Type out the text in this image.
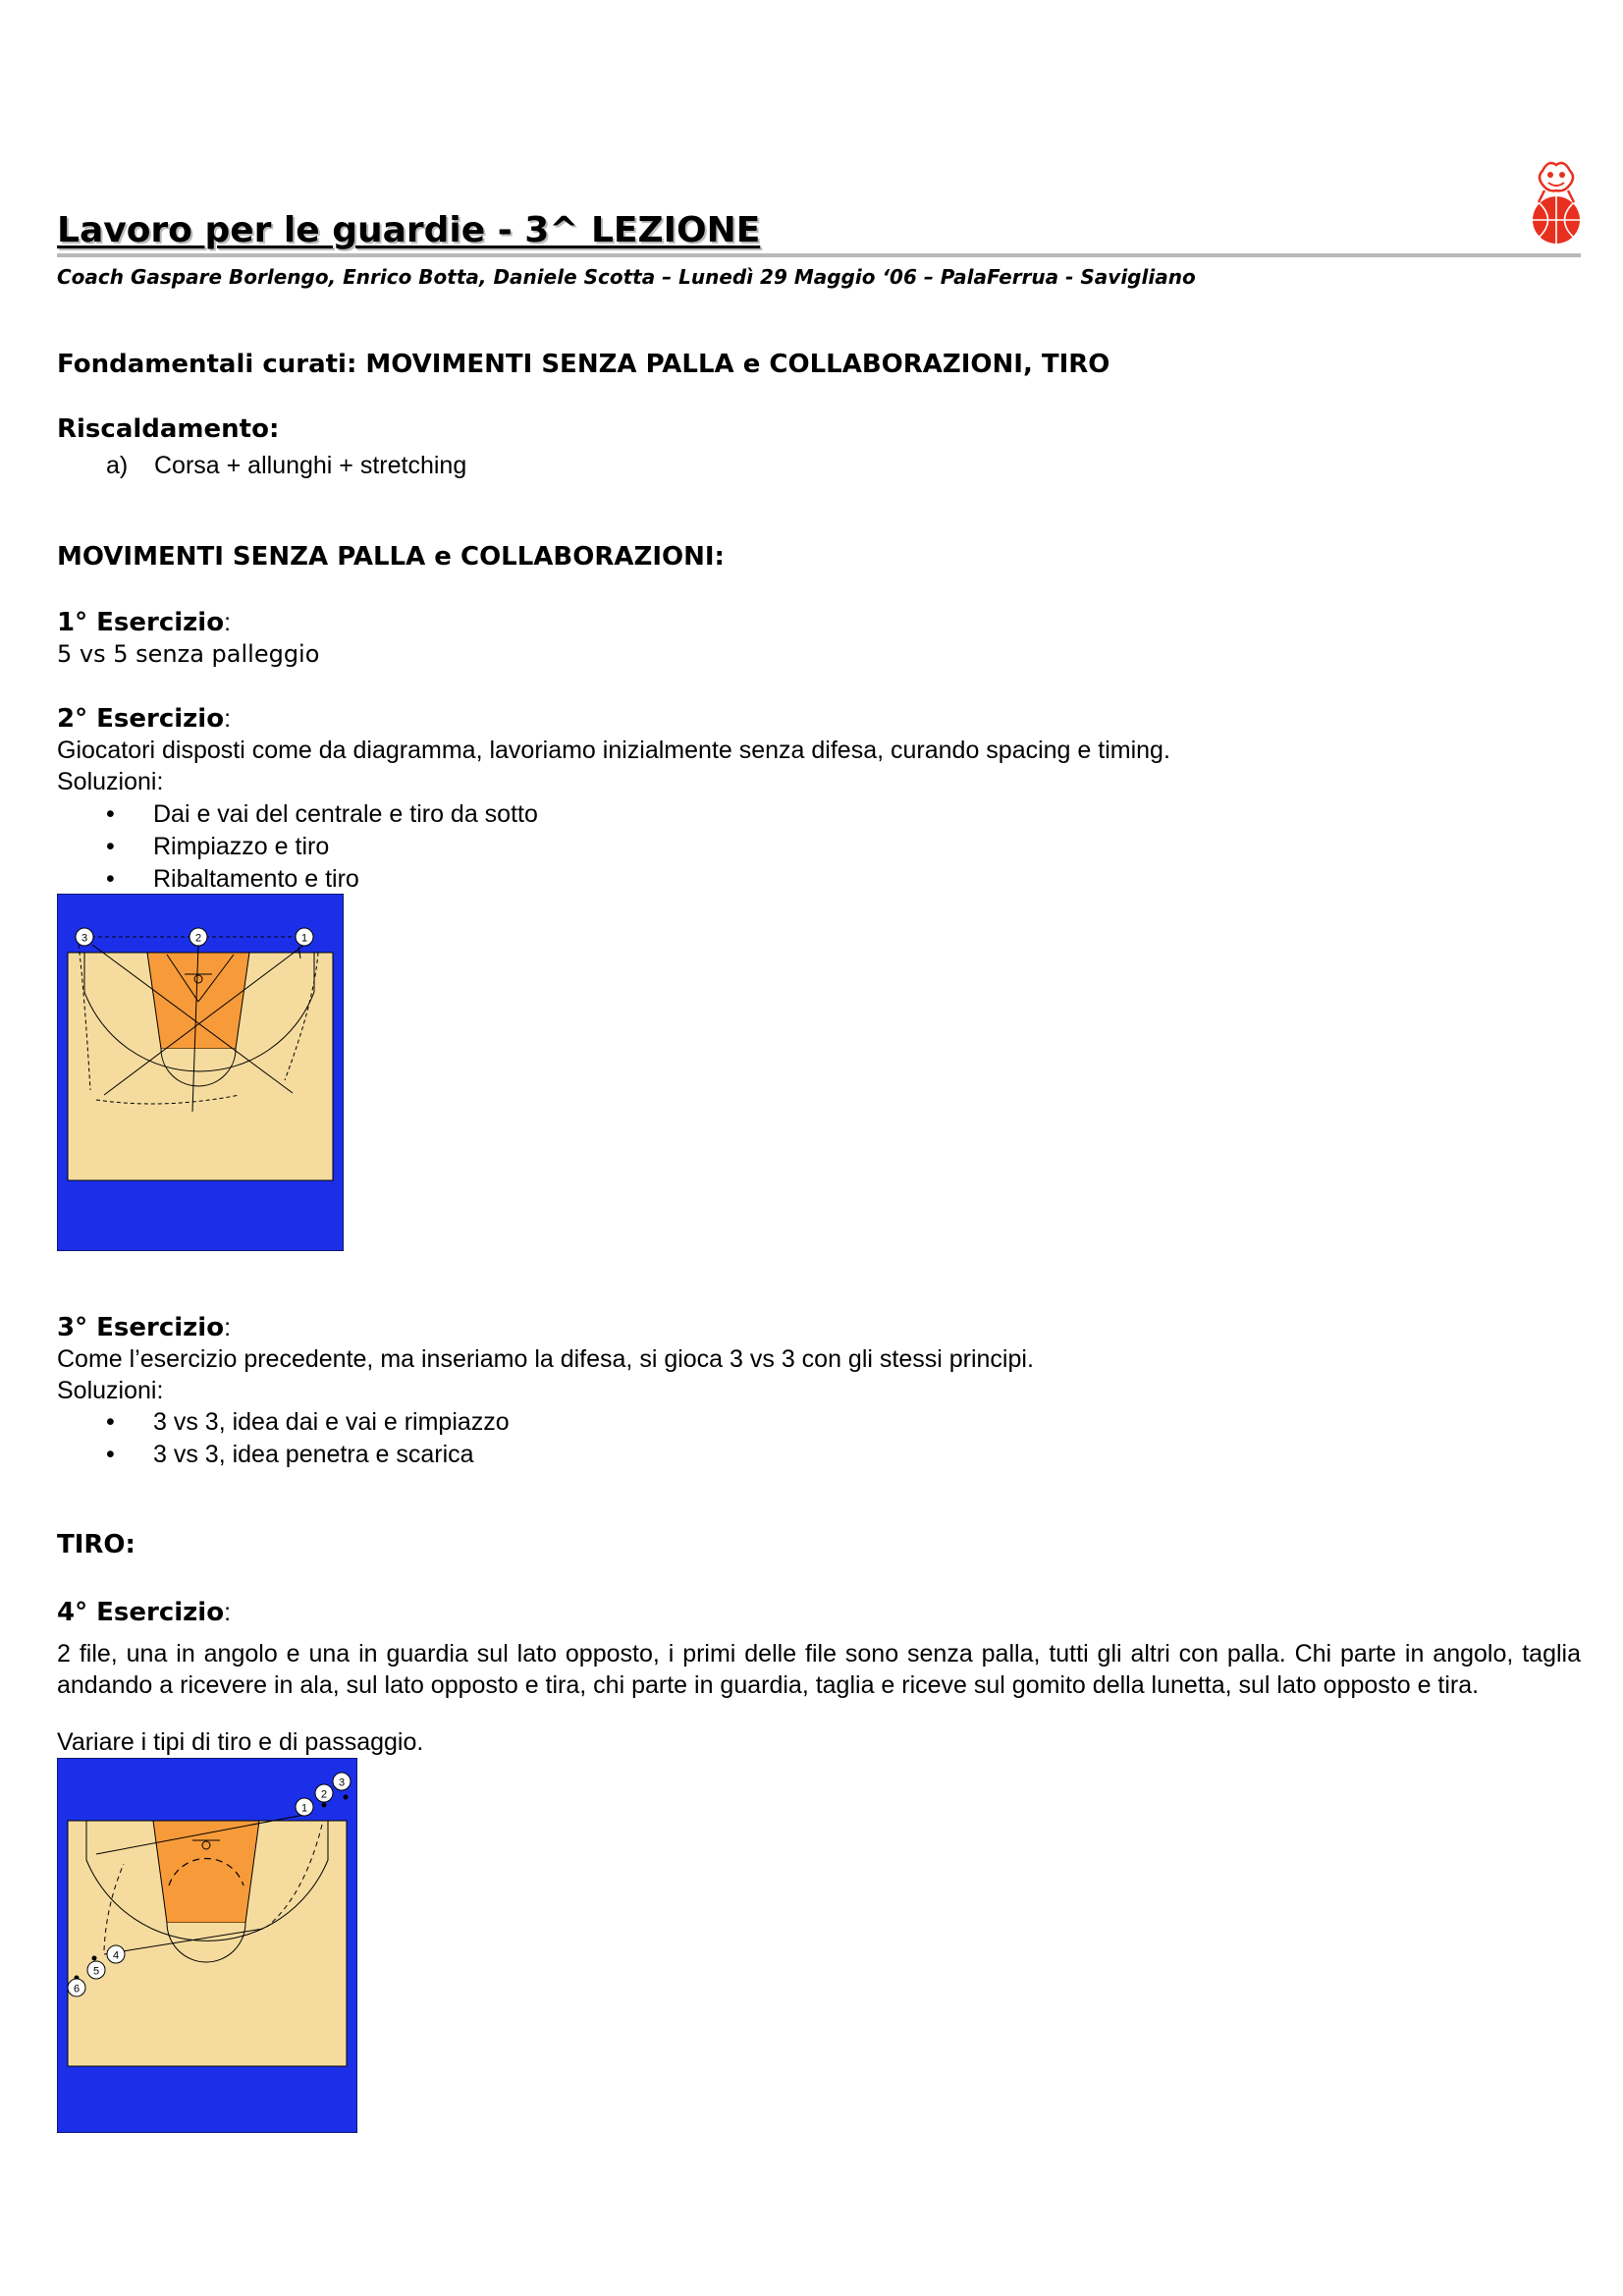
Lavoro per le guardie - 3^ LEZIONE
Coach Gaspare Borlengo, Enrico Botta, Daniele Scotta – Lunedì 29 Maggio ‘06 – PalaFerrua - Savigliano
Fondamentali curati: MOVIMENTI SENZA PALLA e COLLABORAZIONI, TIRO
Riscaldamento:
a) Corsa + allunghi + stretching
MOVIMENTI SENZA PALLA e COLLABORAZIONI:
1° Esercizio:
5 vs 5 senza palleggio
2° Esercizio:
Giocatori disposti come da diagramma, lavoriamo inizialmente senza difesa, curando spacing e timing.
Soluzioni:
• Dai e vai del centrale e tiro da sotto
• Rimpiazzo e tiro
• Ribaltamento e tiro
3	2	1
3° Esercizio:
Come l’esercizio precedente, ma inseriamo la difesa, si gioca 3 vs 3 con gli stessi principi.
Soluzioni:
• 3 vs 3, idea dai e vai e rimpiazzo
• 3 vs 3, idea penetra e scarica
TIRO:
4° Esercizio:
2 file, una in angolo e una in guardia sul lato opposto, i primi delle file sono senza palla, tutti gli altri con palla. Chi parte in angolo, taglia andando a ricevere in ala, sul lato opposto e tira, chi parte in guardia, taglia e riceve sul gomito della lunetta, sul lato opposto e tira.
Variare i tipi di tiro e di passaggio.
3
2
1
4
5
6
